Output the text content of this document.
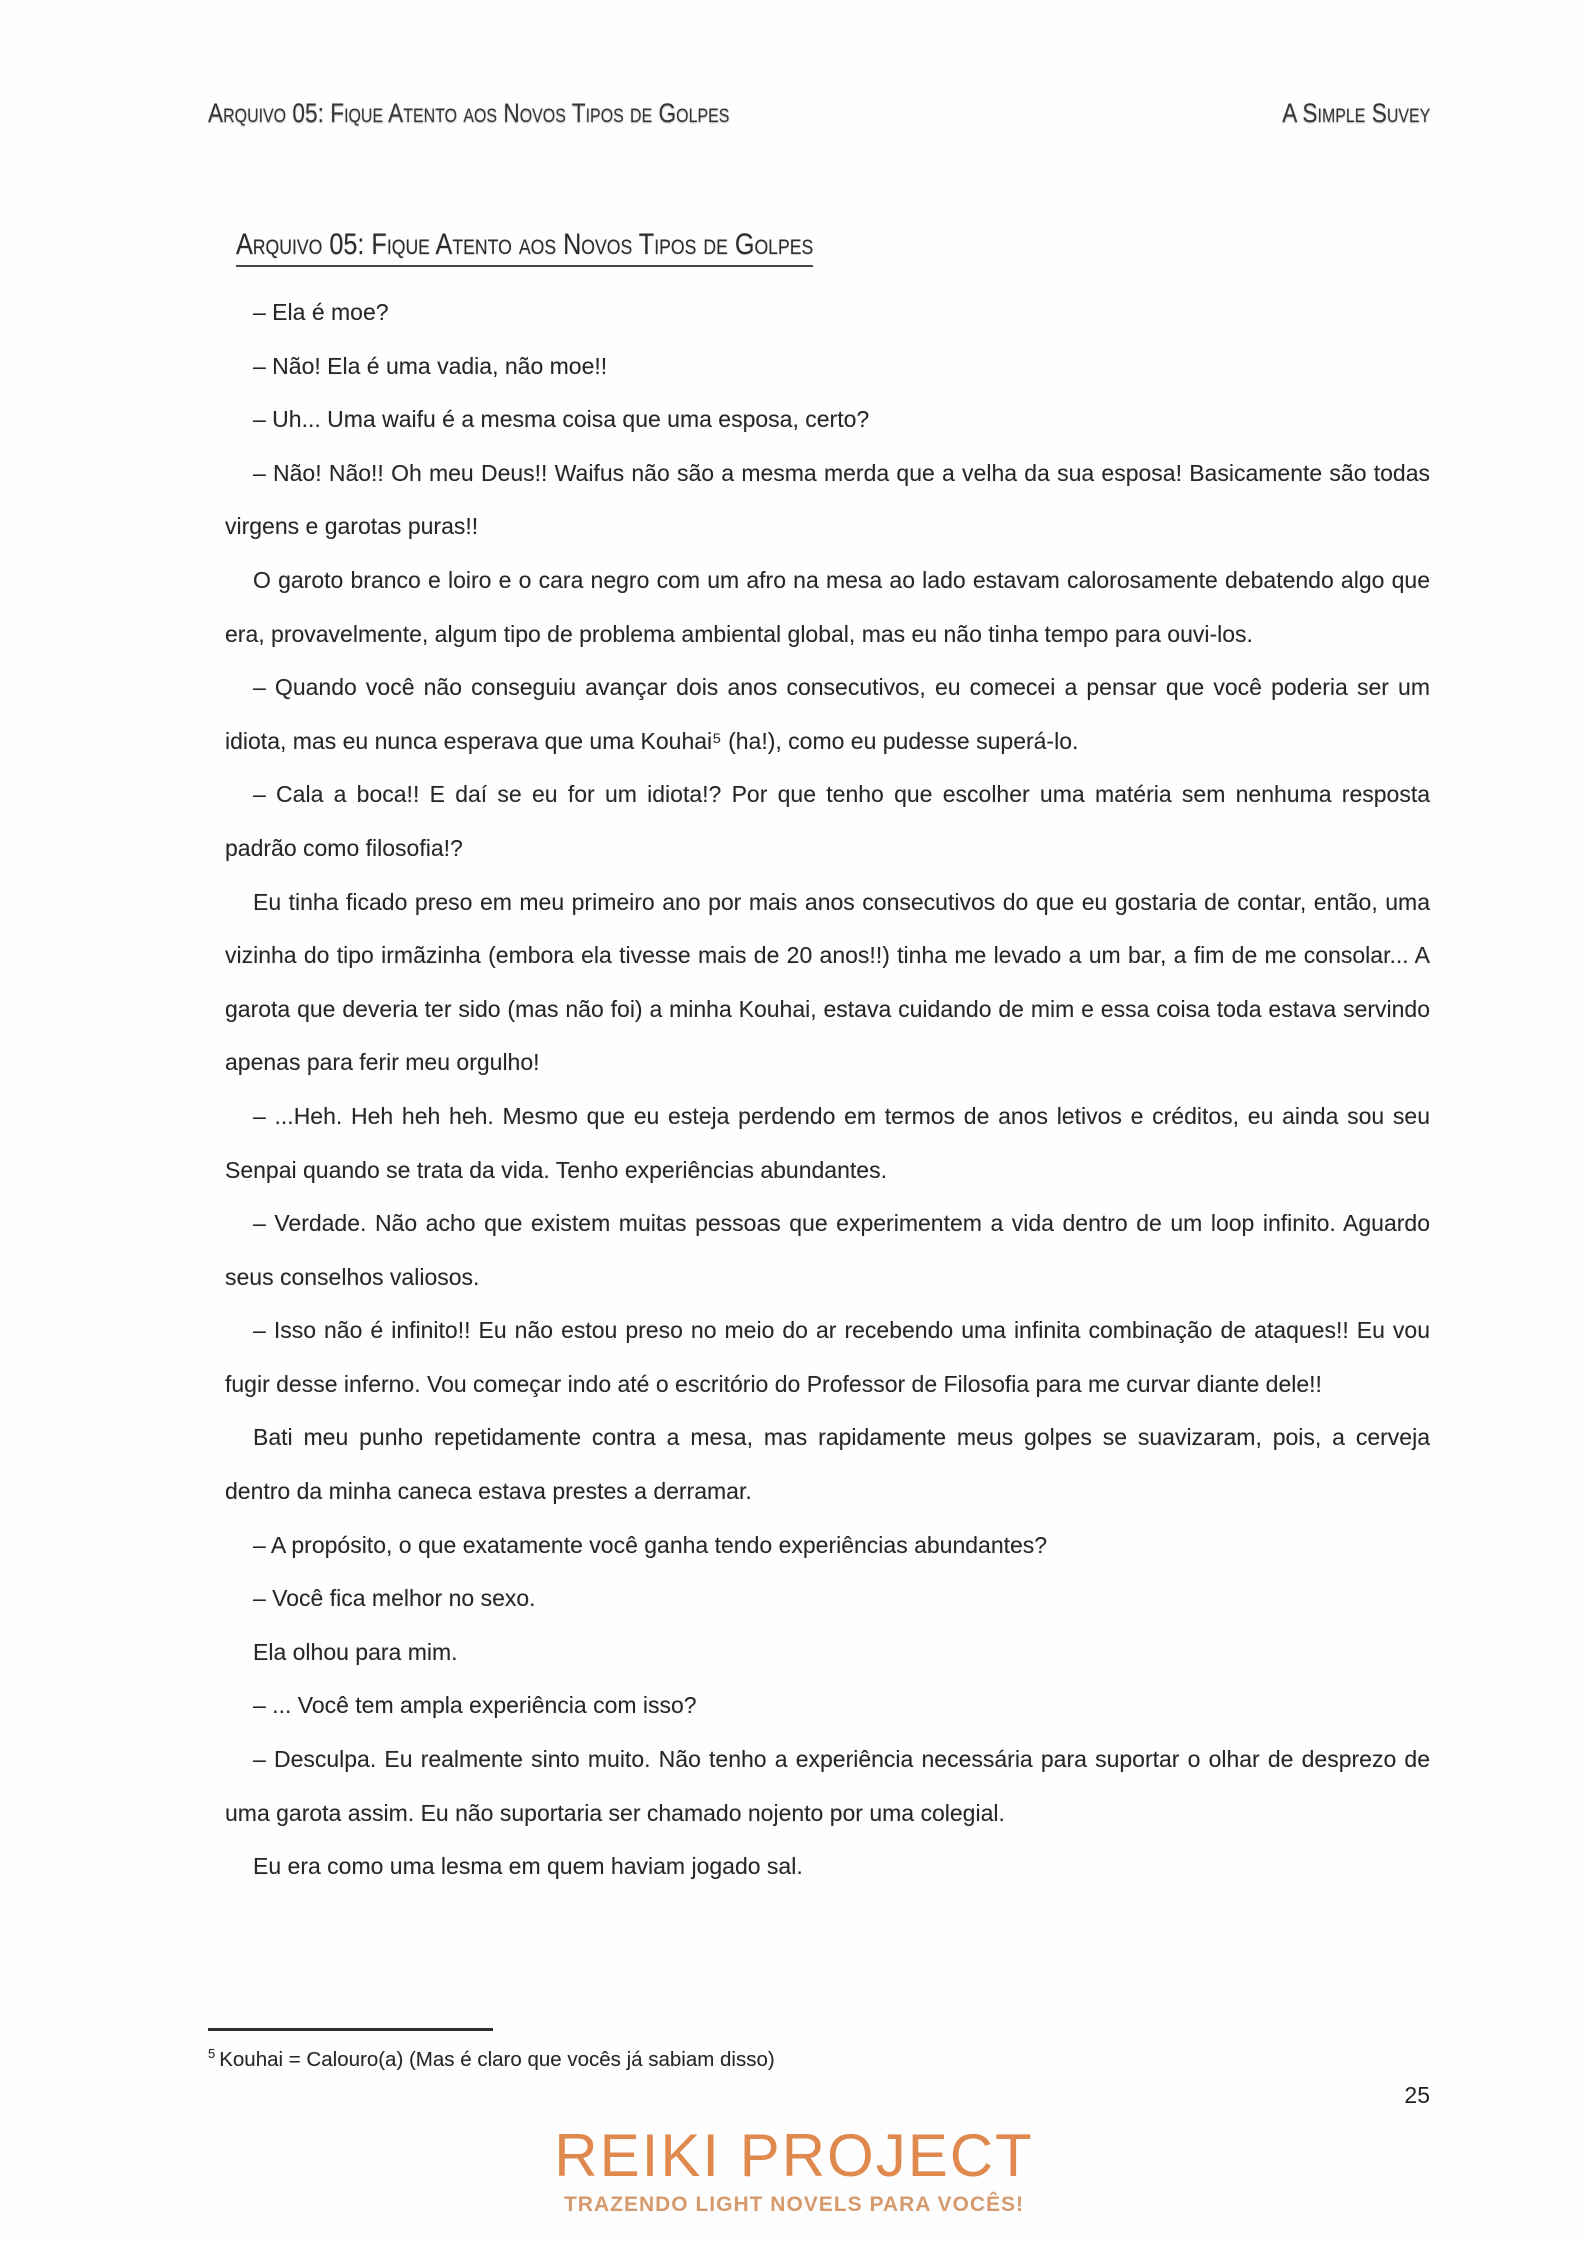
Arquivo 05: Fique Atento aos Novos Tipos de Golpes	A Simple Suvey
Arquivo 05: Fique Atento aos Novos Tipos de Golpes

– Ela é moe?

– Não! Ela é uma vadia, não moe!!

– Uh... Uma waifu é a mesma coisa que uma esposa, certo?

– Não! Não!! Oh meu Deus!! Waifus não são a mesma merda que a velha da sua esposa! Basicamente são todas virgens e garotas puras!!

O garoto branco e loiro e o cara negro com um afro na mesa ao lado estavam calorosamente debatendo algo que era, provavelmente, algum tipo de problema ambiental global, mas eu não tinha tempo para ouvi-los.

– Quando você não conseguiu avançar dois anos consecutivos, eu comecei a pensar que você poderia ser um idiota, mas eu nunca esperava que uma Kouhai⁵ (ha!), como eu pudesse superá-lo.

– Cala a boca!! E daí se eu for um idiota!? Por que tenho que escolher uma matéria sem nenhuma resposta padrão como filosofia!?

Eu tinha ficado preso em meu primeiro ano por mais anos consecutivos do que eu gostaria de contar, então, uma vizinha do tipo irmãzinha (embora ela tivesse mais de 20 anos!!) tinha me levado a um bar, a fim de me consolar... A garota que deveria ter sido (mas não foi) a minha Kouhai, estava cuidando de mim e essa coisa toda estava servindo apenas para ferir meu orgulho!

– ...Heh. Heh heh heh. Mesmo que eu esteja perdendo em termos de anos letivos e créditos, eu ainda sou seu Senpai quando se trata da vida. Tenho experiências abundantes.

– Verdade. Não acho que existem muitas pessoas que experimentem a vida dentro de um loop infinito. Aguardo seus conselhos valiosos.

– Isso não é infinito!! Eu não estou preso no meio do ar recebendo uma infinita combinação de ataques!! Eu vou fugir desse inferno. Vou começar indo até o escritório do Professor de Filosofia para me curvar diante dele!!

Bati meu punho repetidamente contra a mesa, mas rapidamente meus golpes se suavizaram, pois, a cerveja dentro da minha caneca estava prestes a derramar.

– A propósito, o que exatamente você ganha tendo experiências abundantes?

– Você fica melhor no sexo.

Ela olhou para mim.

– ... Você tem ampla experiência com isso?

– Desculpa. Eu realmente sinto muito. Não tenho a experiência necessária para suportar o olhar de desprezo de uma garota assim. Eu não suportaria ser chamado nojento por uma colegial.

Eu era como uma lesma em quem haviam jogado sal.

$^5$ Kouhai = Calouro(a) (Mas é claro que vocês já sabiam disso)
25
REIKI PROJECT
TRAZENDO LIGHT NOVELS PARA VOCÊS!
